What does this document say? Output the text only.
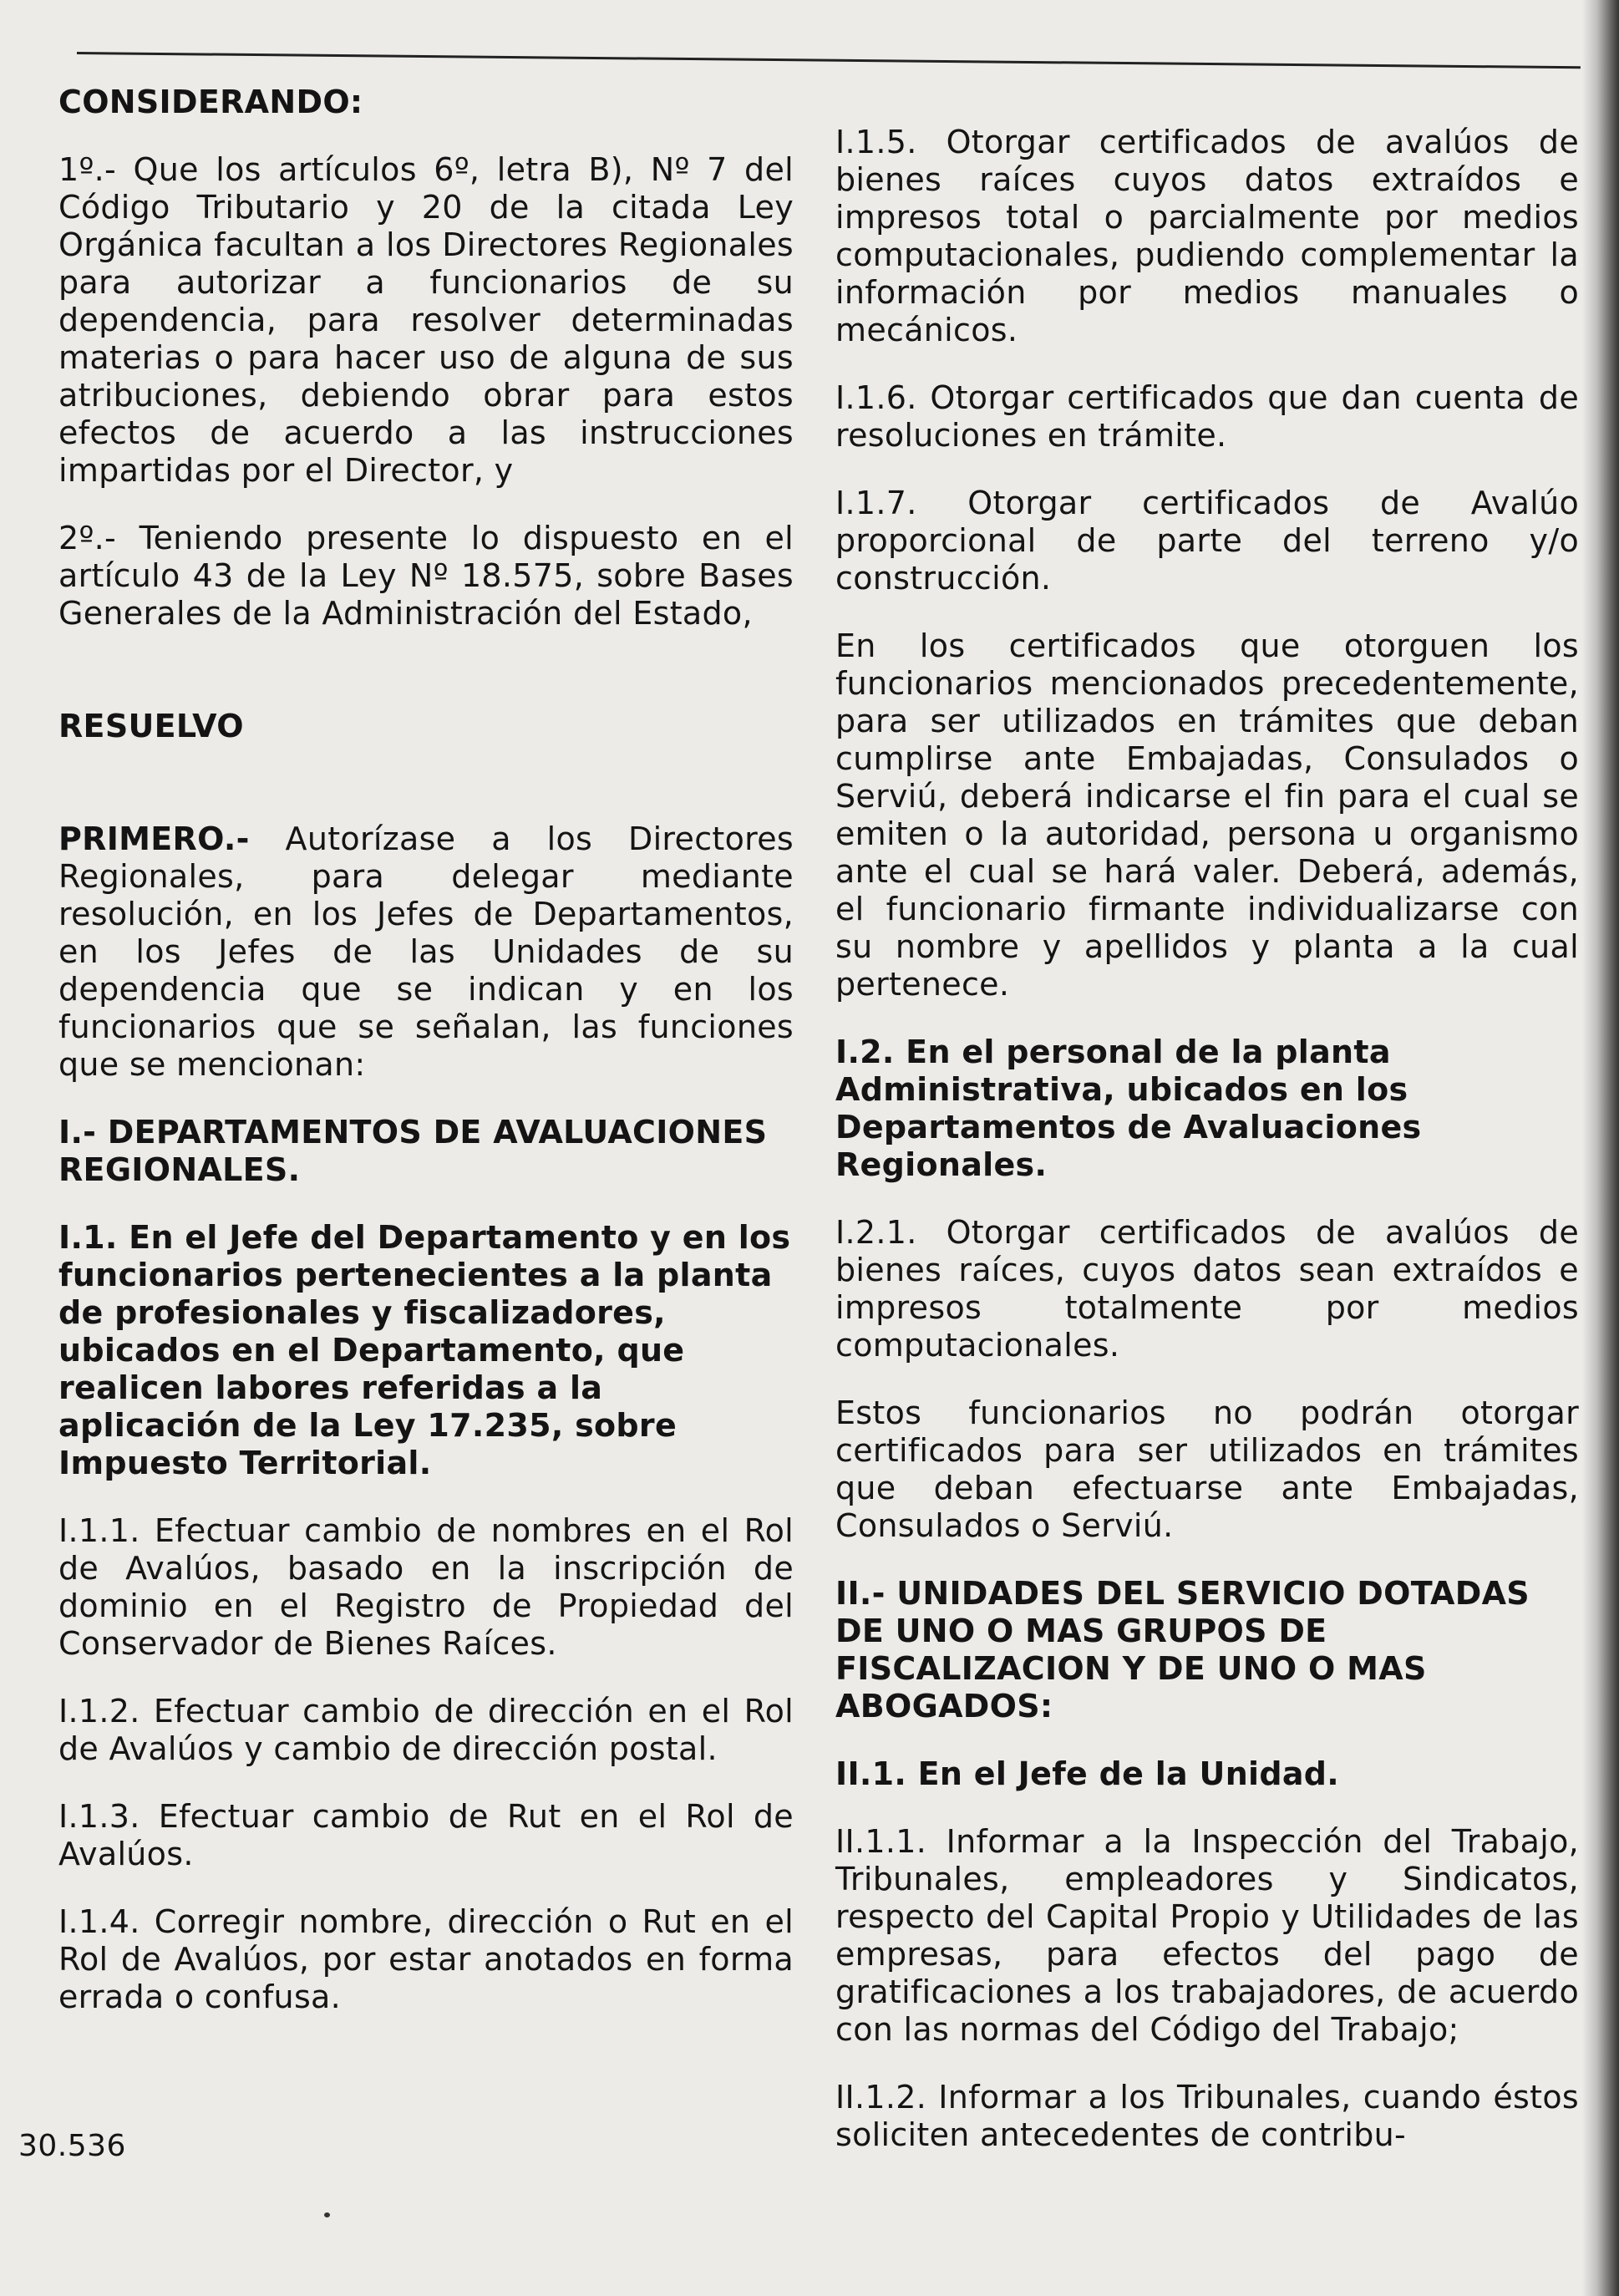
CONSIDERANDO:

1º.- Que los artículos 6º, letra B), Nº 7 del Código Tributario y 20 de la citada Ley Orgánica facultan a los Directores Regionales para autorizar a funcionarios de su dependencia, para resolver determinadas materias o para hacer uso de alguna de sus atribuciones, debiendo obrar para estos efectos de acuerdo a las instrucciones impartidas por el Director, y

2º.- Teniendo presente lo dispuesto en el artículo 43 de la Ley Nº 18.575, sobre Bases Generales de la Administración del Estado,

RESUELVO

PRIMERO.- Autorízase a los Directores Regionales, para delegar mediante resolución, en los Jefes de Departamentos, en los Jefes de las Unidades de su dependencia que se indican y en los funcionarios que se señalan, las funciones que se mencionan:

I.- DEPARTAMENTOS DE AVALUACIONES REGIONALES.

I.1. En el Jefe del Departamento y en los funcionarios pertenecientes a la planta de profesionales y fiscalizadores, ubicados en el Departamento, que realicen labores referidas a la aplicación de la Ley 17.235, sobre Impuesto Territorial.

I.1.1. Efectuar cambio de nombres en el Rol de Avalúos, basado en la inscripción de dominio en el Registro de Propiedad del Conservador de Bienes Raíces.

I.1.2. Efectuar cambio de dirección en el Rol de Avalúos y cambio de dirección postal.

I.1.3. Efectuar cambio de Rut en el Rol de Avalúos.

I.1.4. Corregir nombre, dirección o Rut en el Rol de Avalúos, por estar anotados en forma errada o confusa.

I.1.5. Otorgar certificados de avalúos de bienes raíces cuyos datos extraídos e impresos total o parcialmente por medios computacionales, pudiendo complementar la información por medios manuales o mecánicos.

I.1.6. Otorgar certificados que dan cuenta de resoluciones en trámite.

I.1.7. Otorgar certificados de Avalúo proporcional de parte del terreno y/o construcción.

En los certificados que otorguen los funcionarios mencionados precedentemente, para ser utilizados en trámites que deban cumplirse ante Embajadas, Consulados o Serviú, deberá indicarse el fin para el cual se emiten o la autoridad, persona u organismo ante el cual se hará valer. Deberá, además, el funcionario firmante individualizarse con su nombre y apellidos y planta a la cual pertenece.

I.2. En el personal de la planta Administrativa, ubicados en los Departamentos de Avaluaciones Regionales.

I.2.1. Otorgar certificados de avalúos de bienes raíces, cuyos datos sean extraídos e impresos totalmente por medios computacionales.

Estos funcionarios no podrán otorgar certificados para ser utilizados en trámites que deban efectuarse ante Embajadas, Consulados o Serviú.

II.- UNIDADES DEL SERVICIO DOTADAS DE UNO O MAS GRUPOS DE FISCALIZACION Y DE UNO O MAS ABOGADOS:

II.1. En el Jefe de la Unidad.

II.1.1. Informar a la Inspección del Trabajo, Tribunales, empleadores y Sindicatos, respecto del Capital Propio y Utilidades de las empresas, para efectos del pago de gratificaciones a los trabajadores, de acuerdo con las normas del Código del Trabajo;

II.1.2. Informar a los Tribunales, cuando éstos soliciten antecedentes de contribu-

30.536
